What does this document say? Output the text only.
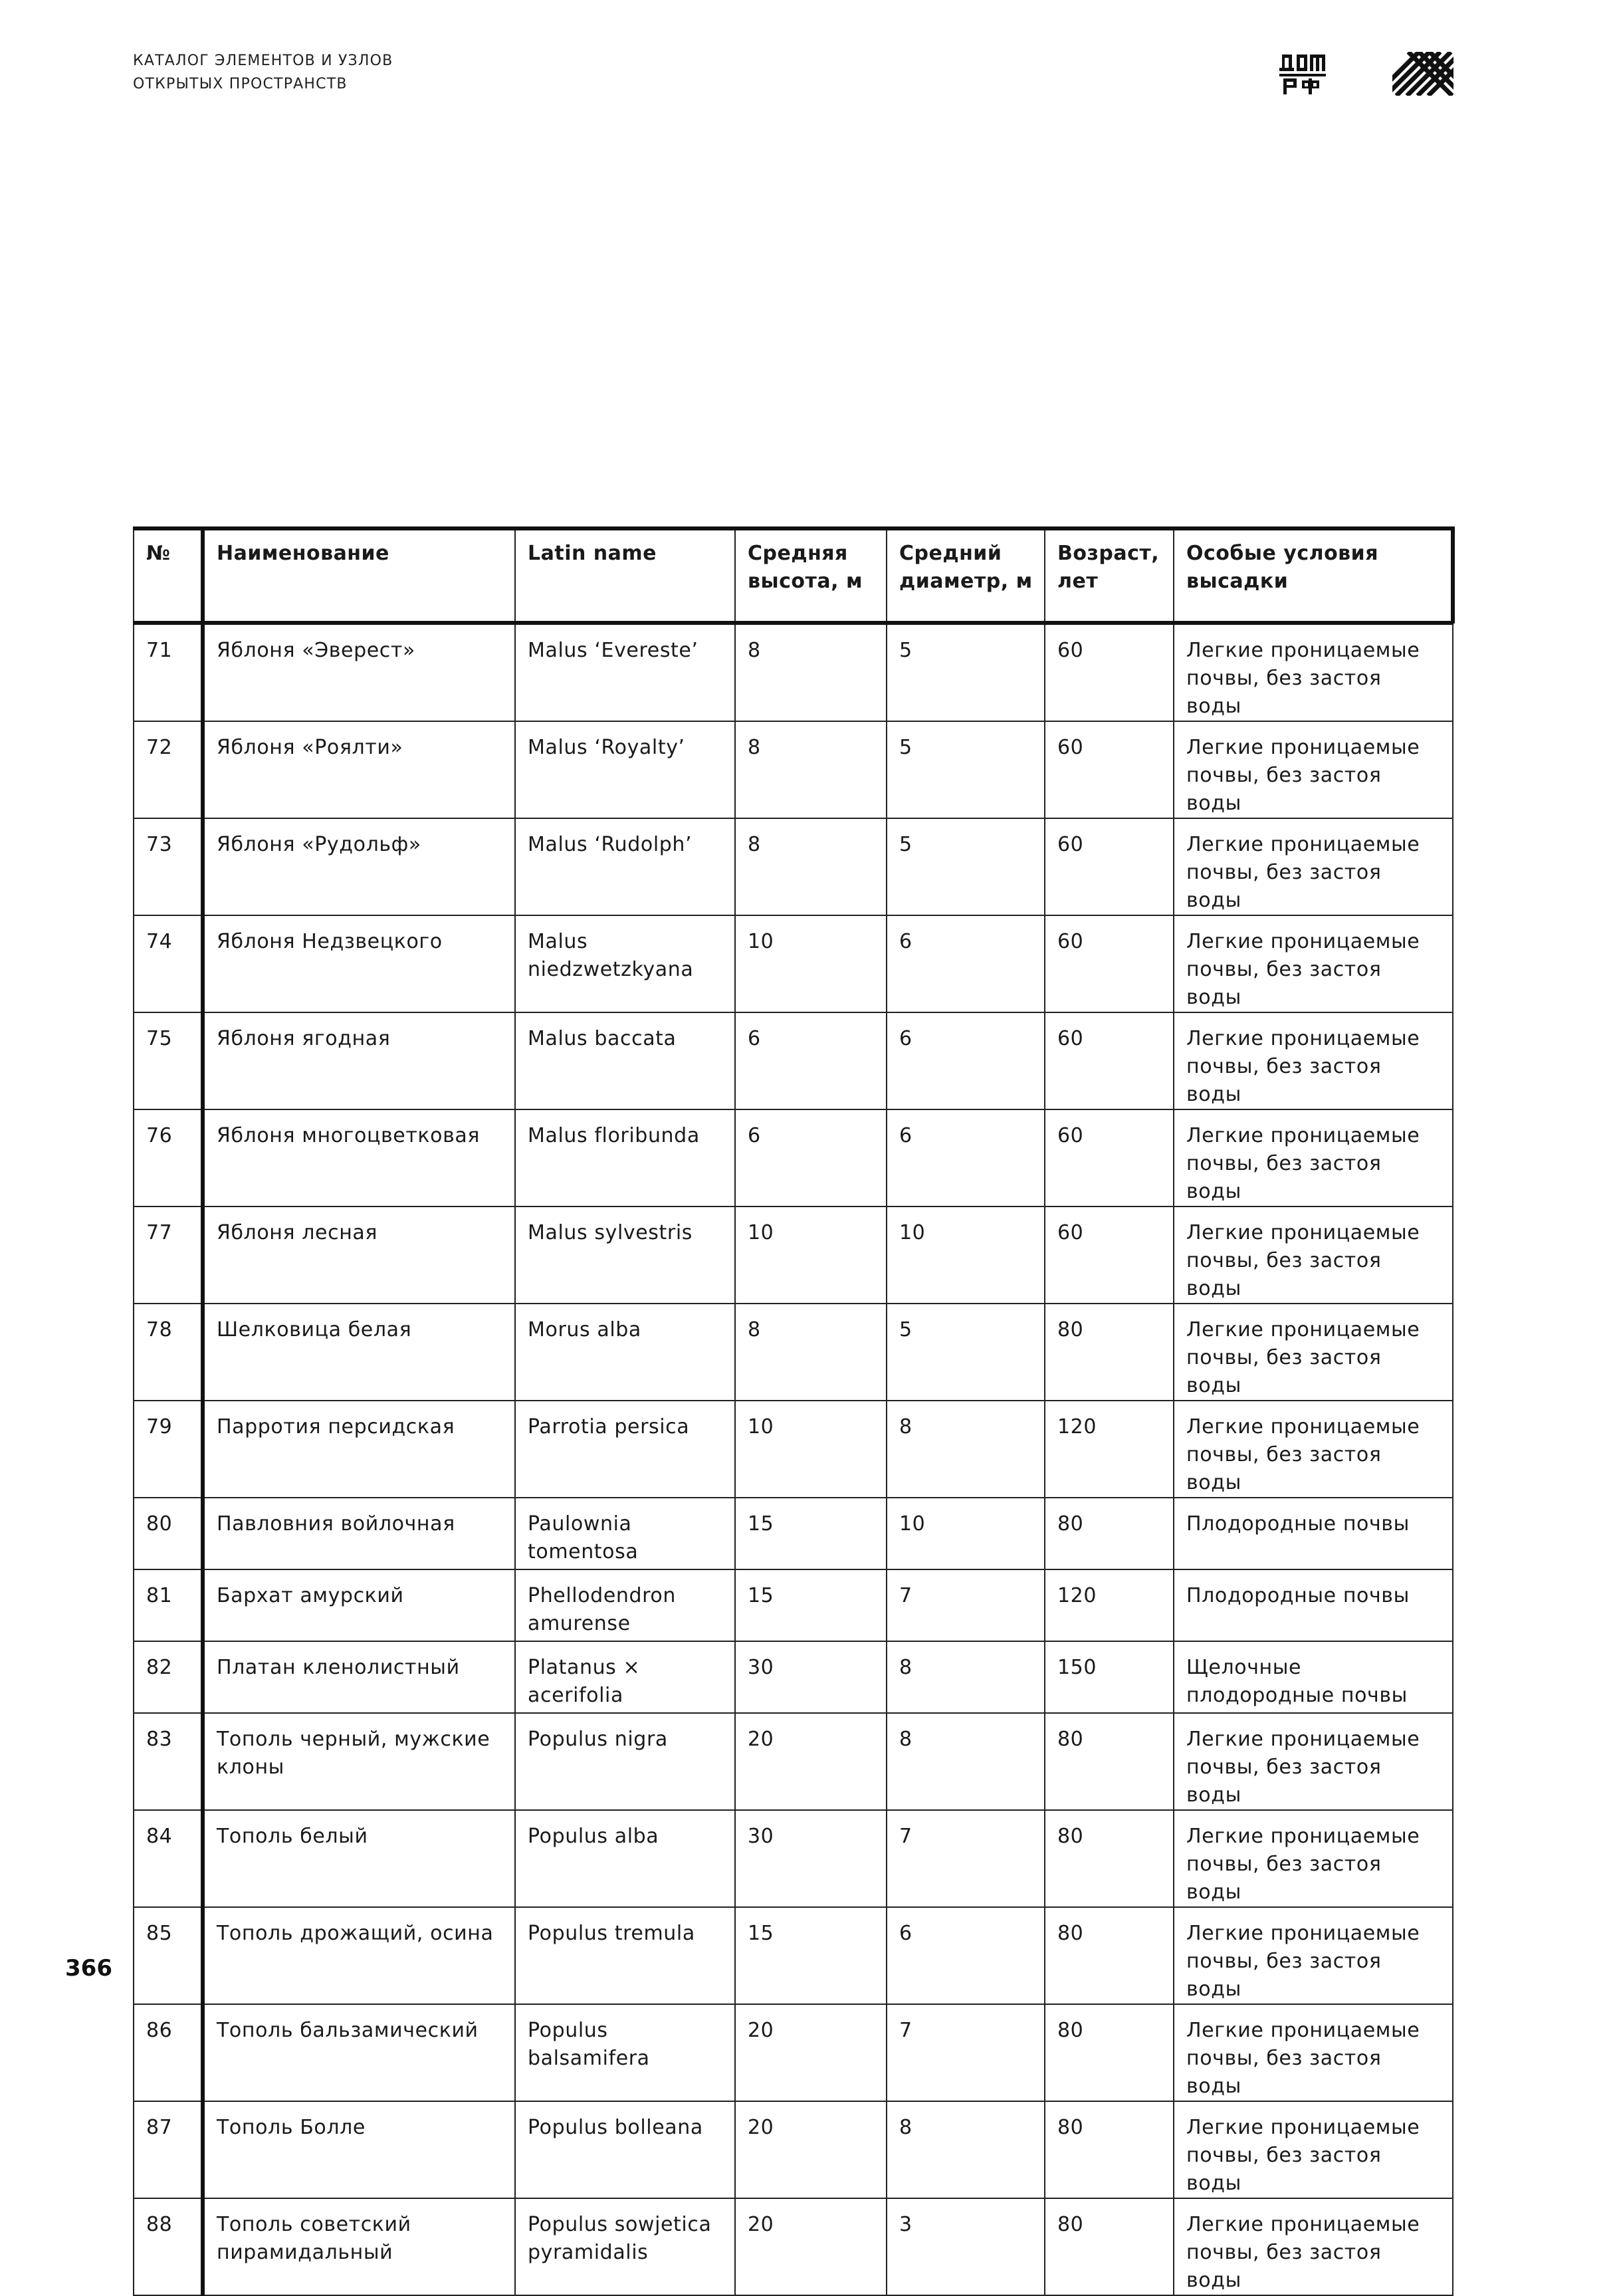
КАТАЛОГ ЭЛЕМЕНТОВ И УЗЛОВ
ОТКРЫТЫХ ПРОСТРАНСТВ
№	Наименование	Latin name	Средняя высота, м	Средний диаметр, м	Возраст, лет	Особые условия высадки	
71	Яблоня «Эверест»	Malus ‘Evereste’	8	5	60	Легкие проницаемые почвы, без застоя воды	
72	Яблоня «Роялти»	Malus ‘Royalty’	8	5	60	Легкие проницаемые почвы, без застоя воды	
73	Яблоня «Рудольф»	Malus ‘Rudolph’	8	5	60	Легкие проницаемые почвы, без застоя воды	
74	Яблоня Недзвецкого	Malus niedzwetzkyana	10	6	60	Легкие проницаемые почвы, без застоя воды	
75	Яблоня ягодная	Malus baccata	6	6	60	Легкие проницаемые почвы, без застоя воды	
76	Яблоня многоцветковая	Malus floribunda	6	6	60	Легкие проницаемые почвы, без застоя воды	
77	Яблоня лесная	Malus sylvestris	10	10	60	Легкие проницаемые почвы, без застоя воды	
78	Шелковица белая	Morus alba	8	5	80	Легкие проницаемые почвы, без застоя воды	
79	Парротия персидская	Parrotia persica	10	8	120	Легкие проницаемые почвы, без застоя воды	
80	Павловния войлочная	Paulownia tomentosa	15	10	80	Плодородные почвы	
81	Бархат амурский	Phellodendron amurense	15	7	120	Плодородные почвы	
82	Платан кленолистный	Platanus × acerifolia	30	8	150	Щелочные плодородные почвы	
83	Тополь черный, мужские клоны	Populus nigra	20	8	80	Легкие проницаемые почвы, без застоя воды	
84	Тополь белый	Populus alba	30	7	80	Легкие проницаемые почвы, без застоя воды	
85	Тополь дрожащий, осина	Populus tremula	15	6	80	Легкие проницаемые почвы, без застоя воды	
86	Тополь бальзамический	Populus balsamifera	20	7	80	Легкие проницаемые почвы, без застоя воды	
87	Тополь Болле	Populus bolleana	20	8	80	Легкие проницаемые почвы, без застоя воды	
88	Тополь советский пирамидальный	Populus sowjetica pyramidalis	20	3	80	Легкие проницаемые почвы, без застоя воды	
366
